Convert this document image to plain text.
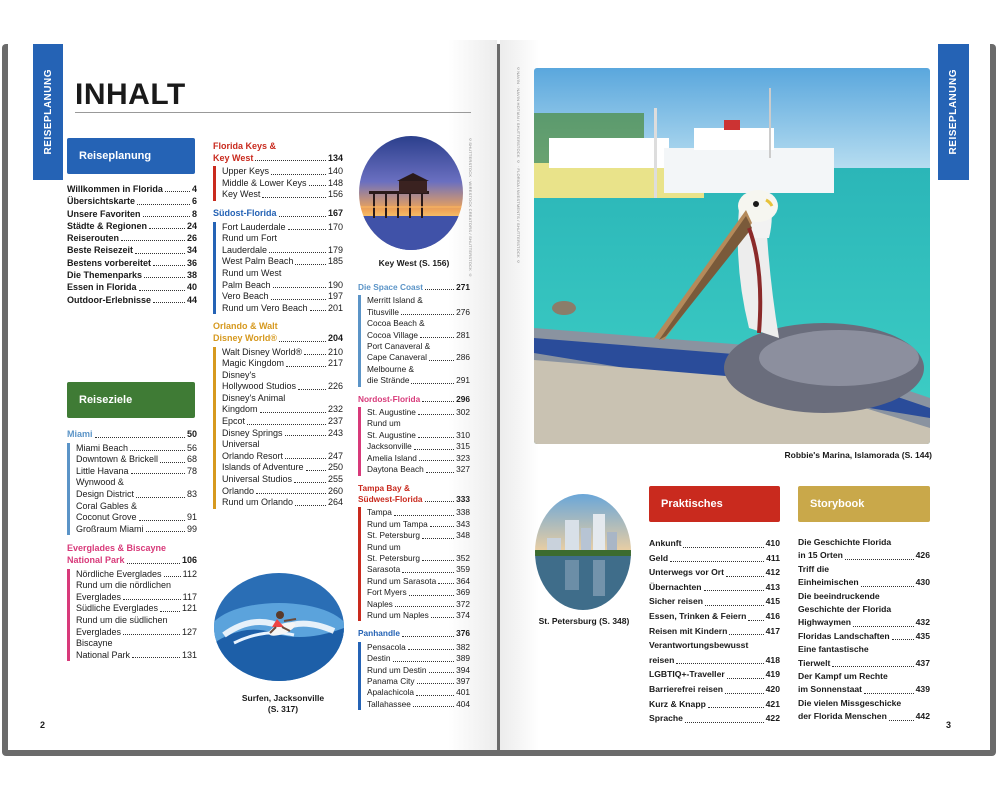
REISEPLANUNG INHALT
Reiseplanung
Willkommen in Florida	4
Übersichtskarte	6
Unsere Favoriten	8
Städte & Regionen	24
Reiserouten	26
Beste Reisezeit	34
Bestens vorbereitet	36
Die Themenparks	38
Essen in Florida	40
Outdoor-Erlebnisse	44
Reiseziele
Miami	50
Miami Beach	56
Downtown & Brickell	68
Little Havana	78
Wynwood &
Design District	83
Coral Gables &
Coconut Grove	91
Großraum Miami	99
Everglades & Biscayne
National Park	106
Nördliche Everglades 112
Rund um die nördlichen
Everglades	117
Südliche Everglades	121
Rund um die südlichen
Everglades	127
Biscayne
National Park	131
Florida Keys &
Key West	134
Upper Keys	140
Middle & Lower Keys 148
Key West	156
Südost-Florida	167
Fort Lauderdale	170
Rund um Fort
Lauderdale	179
West Palm Beach	185
Rund um West
Palm Beach	190
Vero Beach	197
Rund um Vero Beach 201
Orlando & Walt
Disney World®	204
Walt Disney World®	210
Magic Kingdom	217
Disney's
Hollywood Studios	226
Disney's Animal
Kingdom	232
Epcot	237
Disney Springs	243
Universal
Orlando Resort	247
Islands of Adventure	250
Universal Studios	255
Orlando	260
Rund um Orlando	264
Key West (S. 156)	©SHUTTERSTOCK · WIRESTOCK CREATORS / SHUTTERSTOCK ©
Die Space Coast	271
Merritt Island &
Titusville	276
Cocoa Beach &
Cocoa Village	281
Port Canaveral &
Cape Canaveral	286
Melbourne &
die Strände	291
Nordost-Florida	296
St. Augustine	302
Rund um
St. Augustine	310
Jacksonville	315
Amelia Island	323
Daytona Beach	327
Tampa Bay &
Südwest-Florida	333
Tampa	338
Rund um Tampa	343
St. Petersburg	348
Rund um
St. Petersburg	352
Sarasota	359
Rund um Sarasota 364
Fort Myers	369
Naples	372
Rund um Naples	374
Panhandle	376
Pensacola	382
Destin	389
Rund um Destin	394
Panama City	397
Apalachicola	401
Tallahassee	404
Surfen, Jacksonville
(S. 317)
2
©NAVIN · NAVIN HOTIAN / SHUTTERSTOCK © · FLORIDA INVESTMENTS / SHUTTERSTOCK ©
Robbie's Marina, Islamorada (S. 144)
St. Petersburg (S. 348)
Praktisches
Ankunft	410
Geld	411
Unterwegs vor Ort	412
Übernachten	413
Sicher reisen	415
Essen, Trinken & Feiern 416
Reisen mit Kindern	417
Verantwortungsbewusst
reisen	418
LGBTIQ+-Traveller	419
Barrierefrei reisen	420
Kurz & Knapp	421
Sprache	422
Storybook
Die Geschichte Florida
in 15 Orten	426
Triff die
Einheimischen	430
Die beeindruckende
Geschichte der Florida
Highwaymen	432
Floridas Landschaften	435
Eine fantastische
Tierwelt	437
Der Kampf um Rechte
im Sonnenstaat	439
Die vielen Missgeschicke
der Florida Menschen	442
3
REISEPLANUNG
